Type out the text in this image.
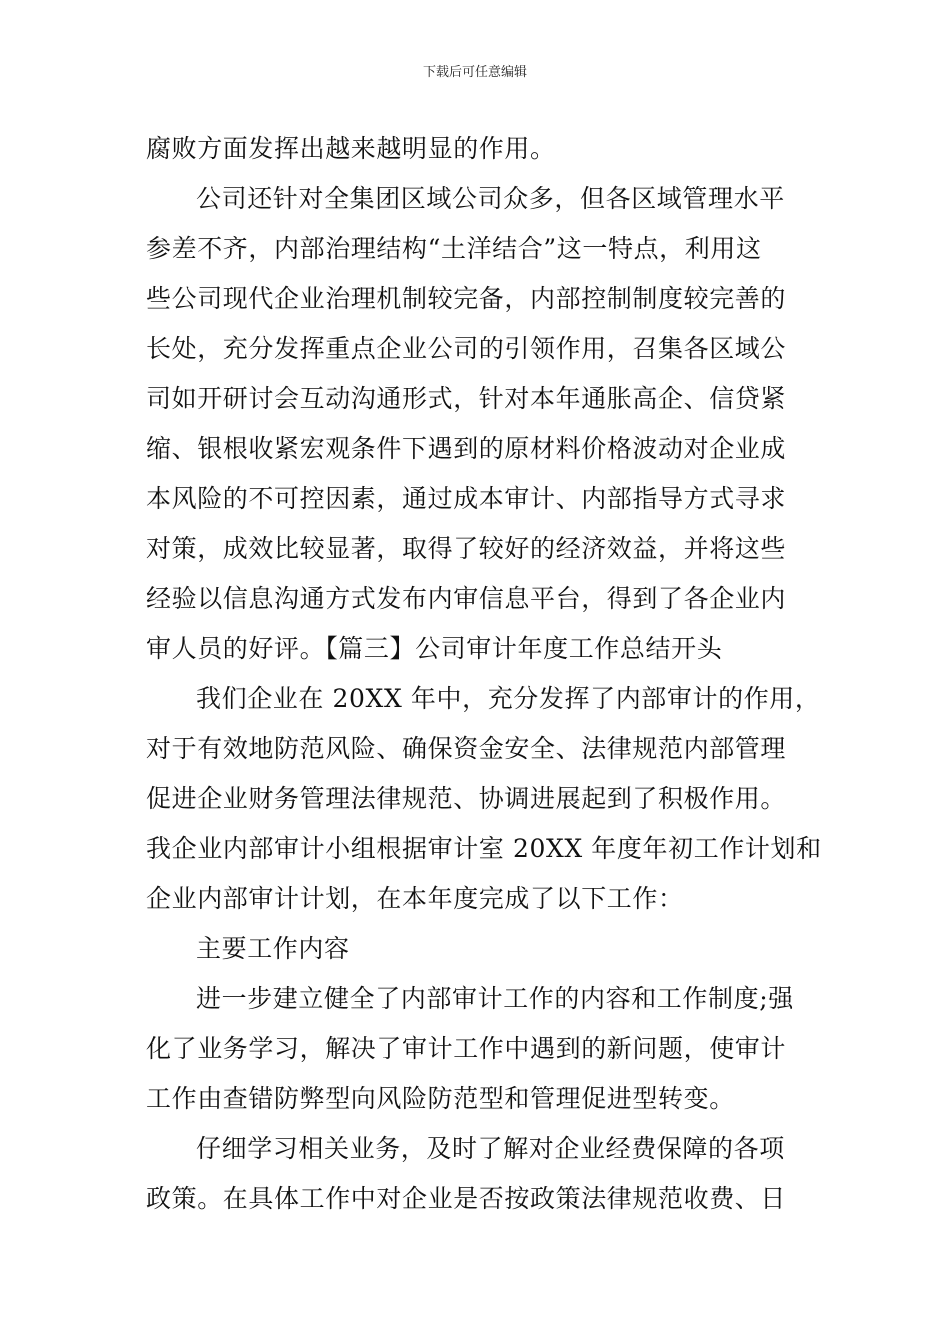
下载后可任意编辑
腐败方面发挥出越来越明显的作用。
公司还针对全集团区域公司众多，但各区域管理水平
参差不齐，内部治理结构“土洋结合”这一特点，利用这
些公司现代企业治理机制较完备，内部控制制度较完善的
长处，充分发挥重点企业公司的引领作用，召集各区域公
司如开研讨会互动沟通形式，针对本年通胀高企、信贷紧
缩、银根收紧宏观条件下遇到的原材料价格波动对企业成
本风险的不可控因素，通过成本审计、内部指导方式寻求
对策，成效比较显著，取得了较好的经济效益，并将这些
经验以信息沟通方式发布内审信息平台，得到了各企业内
审人员的好评。【篇三】公司审计年度工作总结开头
我们企业在 20XX 年中，充分发挥了内部审计的作用，
对于有效地防范风险、确保资金安全、法律规范内部管理
促进企业财务管理法律规范、协调进展起到了积极作用。
我企业内部审计小组根据审计室 20XX 年度年初工作计划和
企业内部审计计划，在本年度完成了以下工作：
主要工作内容
进一步建立健全了内部审计工作的内容和工作制度;强
化了业务学习，解决了审计工作中遇到的新问题，使审计
工作由查错防弊型向风险防范型和管理促进型转变。
仔细学习相关业务，及时了解对企业经费保障的各项
政策。在具体工作中对企业是否按政策法律规范收费、日
